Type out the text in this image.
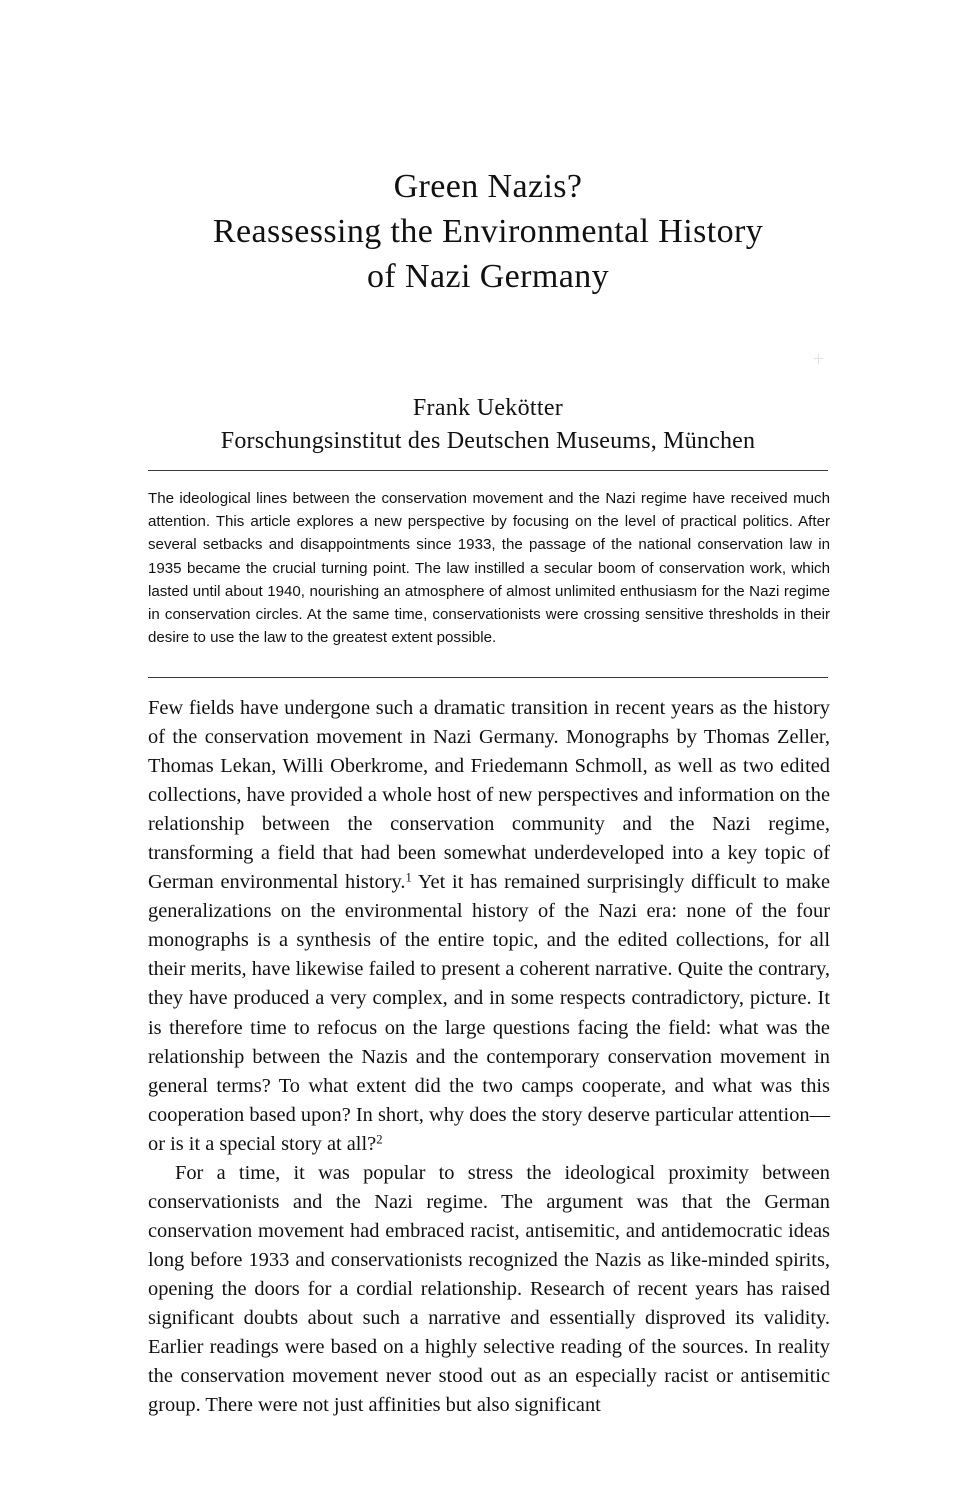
Green Nazis?
Reassessing the Environmental History
of Nazi Germany
Frank Uekötter
Forschungsinstitut des Deutschen Museums, München

The ideological lines between the conservation movement and the Nazi regime have received much attention. This article explores a new perspective by focusing on the level of practical politics. After several setbacks and disappointments since 1933, the passage of the national conservation law in 1935 became the crucial turning point. The law instilled a secular boom of conservation work, which lasted until about 1940, nourishing an atmosphere of almost unlimited enthusiasm for the Nazi regime in conservation circles. At the same time, conservationists were crossing sensitive thresholds in their desire to use the law to the greatest extent possible.

Few fields have undergone such a dramatic transition in recent years as the history of the conservation movement in Nazi Germany. Monographs by Thomas Zeller, Thomas Lekan, Willi Oberkrome, and Friedemann Schmoll, as well as two edited collections, have provided a whole host of new perspectives and information on the relationship between the conservation community and the Nazi regime, transforming a field that had been somewhat underdeveloped into a key topic of German environmental history.$^1$ Yet it has remained surprisingly difficult to make generalizations on the environmental history of the Nazi era: none of the four monographs is a synthesis of the entire topic, and the edited collections, for all their merits, have likewise failed to present a coherent narrative. Quite the contrary, they have produced a very complex, and in some respects contradictory, picture. It is therefore time to refocus on the large questions facing the field: what was the relationship between the Nazis and the contemporary conservation movement in general terms? To what extent did the two camps cooperate, and what was this cooperation based upon? In short, why does the story deserve particular attention—or is it a special story at all?$^2$

For a time, it was popular to stress the ideological proximity between conservationists and the Nazi regime. The argument was that the German conservation movement had embraced racist, antisemitic, and antidemocratic ideas long before 1933 and conservationists recognized the Nazis as like-minded spirits, opening the doors for a cordial relationship. Research of recent years has raised significant doubts about such a narrative and essentially disproved its validity. Earlier readings were based on a highly selective reading of the sources. In reality the conservation movement never stood out as an especially racist or antisemitic group. There were not just affinities but also significant
